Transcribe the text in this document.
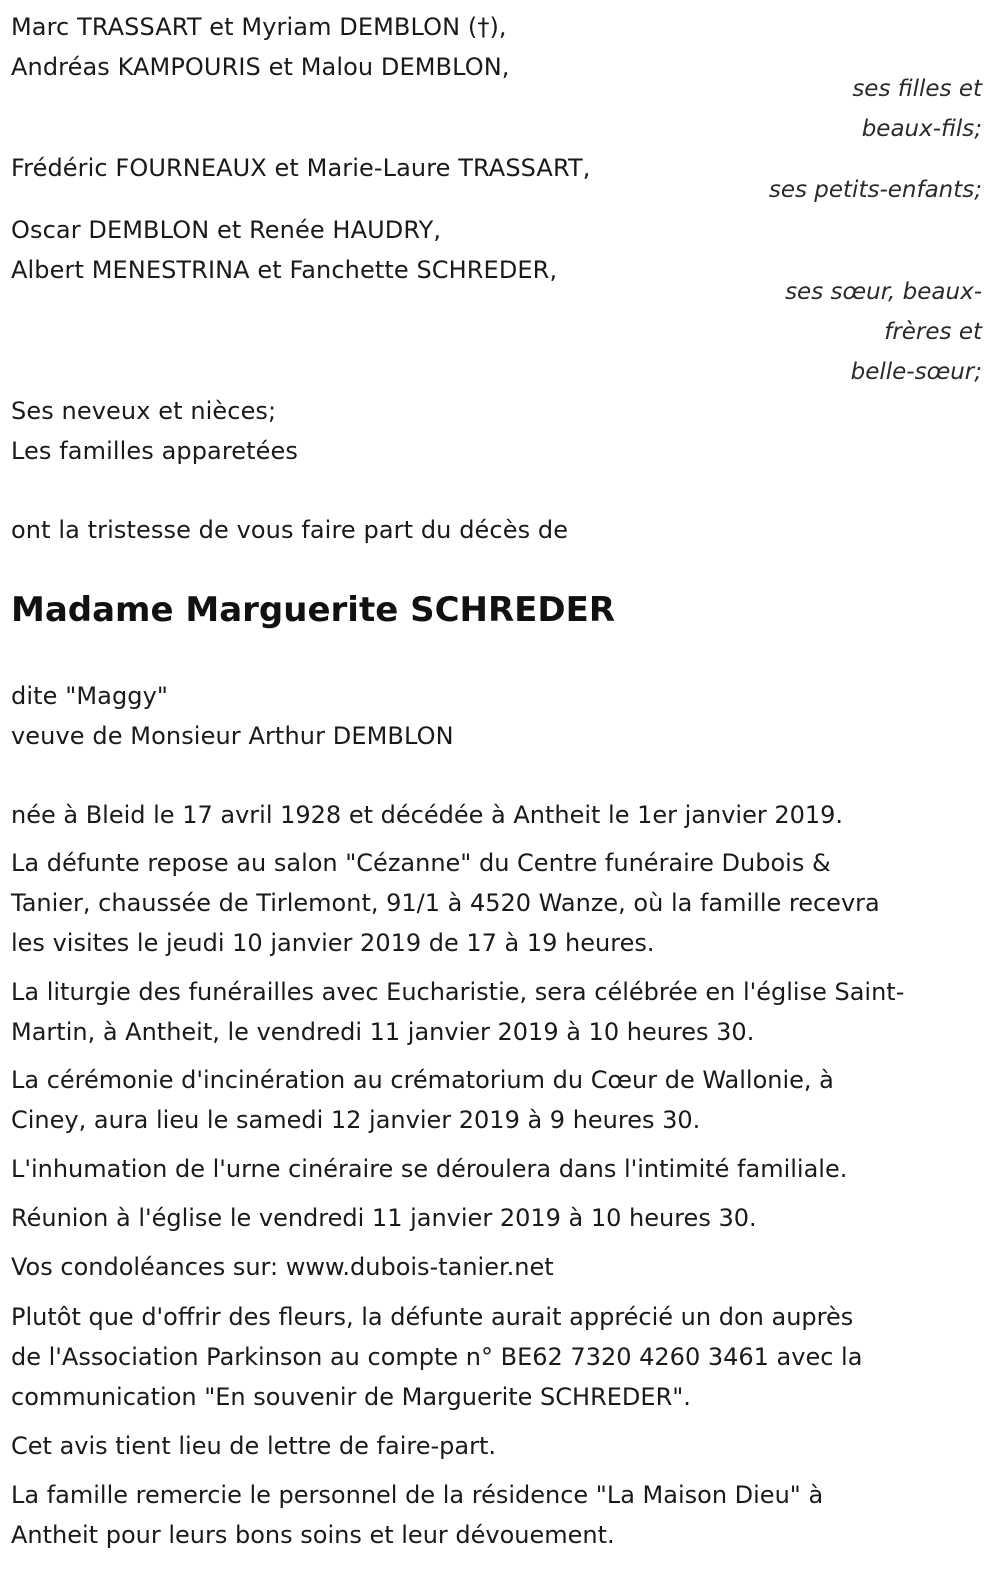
Marc TRASSART et Myriam DEMBLON (†),
Andréas KAMPOURIS et Malou DEMBLON,
ses filles et
beaux-fils;
Frédéric FOURNEAUX et Marie-Laure TRASSART,
ses petits-enfants;
Oscar DEMBLON et Renée HAUDRY,
Albert MENESTRINA et Fanchette SCHREDER,
ses sœur, beaux-
frères et
belle-sœur;
Ses neveux et nièces;
Les familles apparetées
ont la tristesse de vous faire part du décès de
Madame Marguerite SCHREDER
dite "Maggy"
veuve de Monsieur Arthur DEMBLON
née à Bleid le 17 avril 1928 et décédée à Antheit le 1er janvier 2019.
La défunte repose au salon "Cézanne" du Centre funéraire Dubois &
Tanier, chaussée de Tirlemont, 91/1 à 4520 Wanze, où la famille recevra
les visites le jeudi 10 janvier 2019 de 17 à 19 heures.
La liturgie des funérailles avec Eucharistie, sera célébrée en l'église Saint-
Martin, à Antheit, le vendredi 11 janvier 2019 à 10 heures 30.
La cérémonie d'incinération au crématorium du Cœur de Wallonie, à
Ciney, aura lieu le samedi 12 janvier 2019 à 9 heures 30.
L'inhumation de l'urne cinéraire se déroulera dans l'intimité familiale.
Réunion à l'église le vendredi 11 janvier 2019 à 10 heures 30.
Vos condoléances sur: www.dubois-tanier.net
Plutôt que d'offrir des fleurs, la défunte aurait apprécié un don auprès
de l'Association Parkinson au compte n° BE62 7320 4260 3461 avec la
communication "En souvenir de Marguerite SCHREDER".
Cet avis tient lieu de lettre de faire-part.
La famille remercie le personnel de la résidence "La Maison Dieu" à
Antheit pour leurs bons soins et leur dévouement.
